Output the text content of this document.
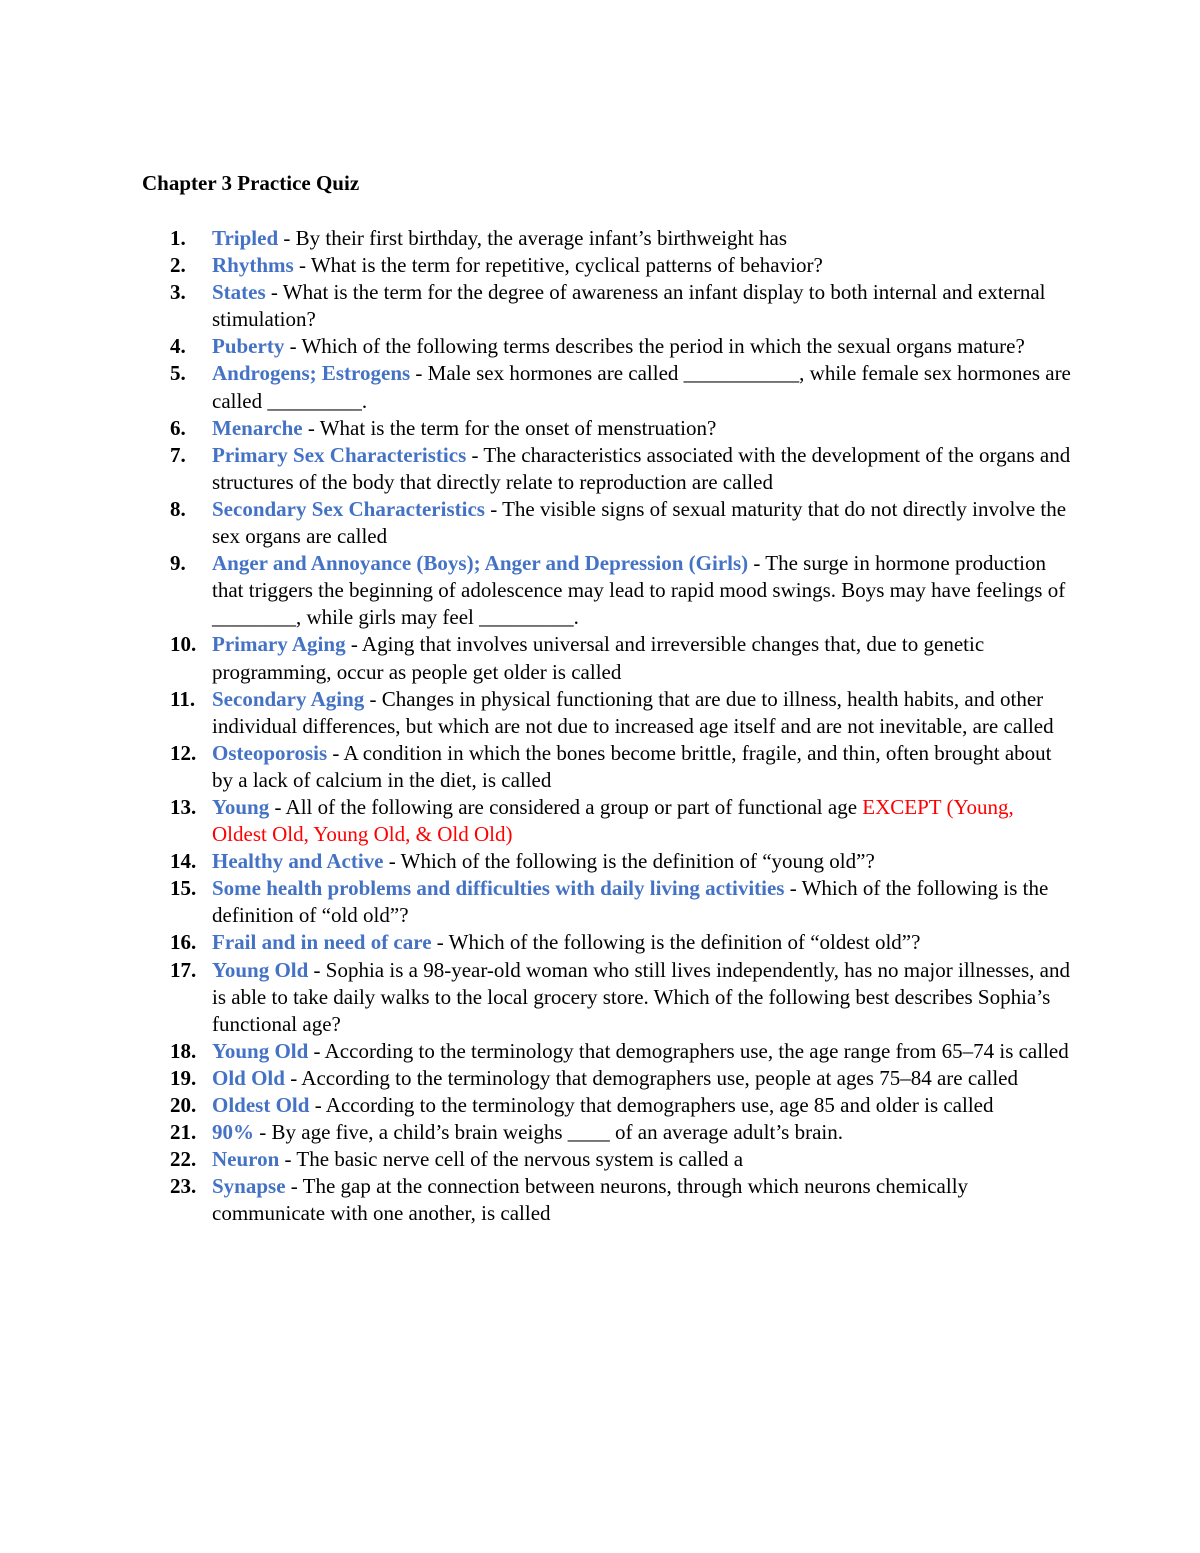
Chapter 3 Practice Quiz
1. Tripled - By their first birthday, the average infant’s birthweight has
2. Rhythms - What is the term for repetitive, cyclical patterns of behavior?
3. States - What is the term for the degree of awareness an infant display to both internal and external stimulation?
4. Puberty - Which of the following terms describes the period in which the sexual organs mature?
5. Androgens; Estrogens - Male sex hormones are called ___________, while female sex hormones are called _________.
6. Menarche - What is the term for the onset of menstruation?
7. Primary Sex Characteristics - The characteristics associated with the development of the organs and structures of the body that directly relate to reproduction are called
8. Secondary Sex Characteristics - The visible signs of sexual maturity that do not directly involve the sex organs are called
9. Anger and Annoyance (Boys); Anger and Depression (Girls) - The surge in hormone production that triggers the beginning of adolescence may lead to rapid mood swings. Boys may have feelings of ________, while girls may feel _________.
10. Primary Aging - Aging that involves universal and irreversible changes that, due to genetic programming, occur as people get older is called
11. Secondary Aging - Changes in physical functioning that are due to illness, health habits, and other individual differences, but which are not due to increased age itself and are not inevitable, are called
12. Osteoporosis - A condition in which the bones become brittle, fragile, and thin, often brought about by a lack of calcium in the diet, is called
13. Young - All of the following are considered a group or part of functional age EXCEPT (Young, Oldest Old, Young Old, & Old Old)
14. Healthy and Active - Which of the following is the definition of “young old”?
15. Some health problems and difficulties with daily living activities - Which of the following is the definition of “old old”?
16. Frail and in need of care - Which of the following is the definition of “oldest old”?
17. Young Old - Sophia is a 98-year-old woman who still lives independently, has no major illnesses, and is able to take daily walks to the local grocery store. Which of the following best describes Sophia’s functional age?
18. Young Old - According to the terminology that demographers use, the age range from 65–74 is called
19. Old Old - According to the terminology that demographers use, people at ages 75–84 are called
20. Oldest Old - According to the terminology that demographers use, age 85 and older is called
21. 90% - By age five, a child’s brain weighs ____ of an average adult’s brain.
22. Neuron - The basic nerve cell of the nervous system is called a
23. Synapse - The gap at the connection between neurons, through which neurons chemically communicate with one another, is called
